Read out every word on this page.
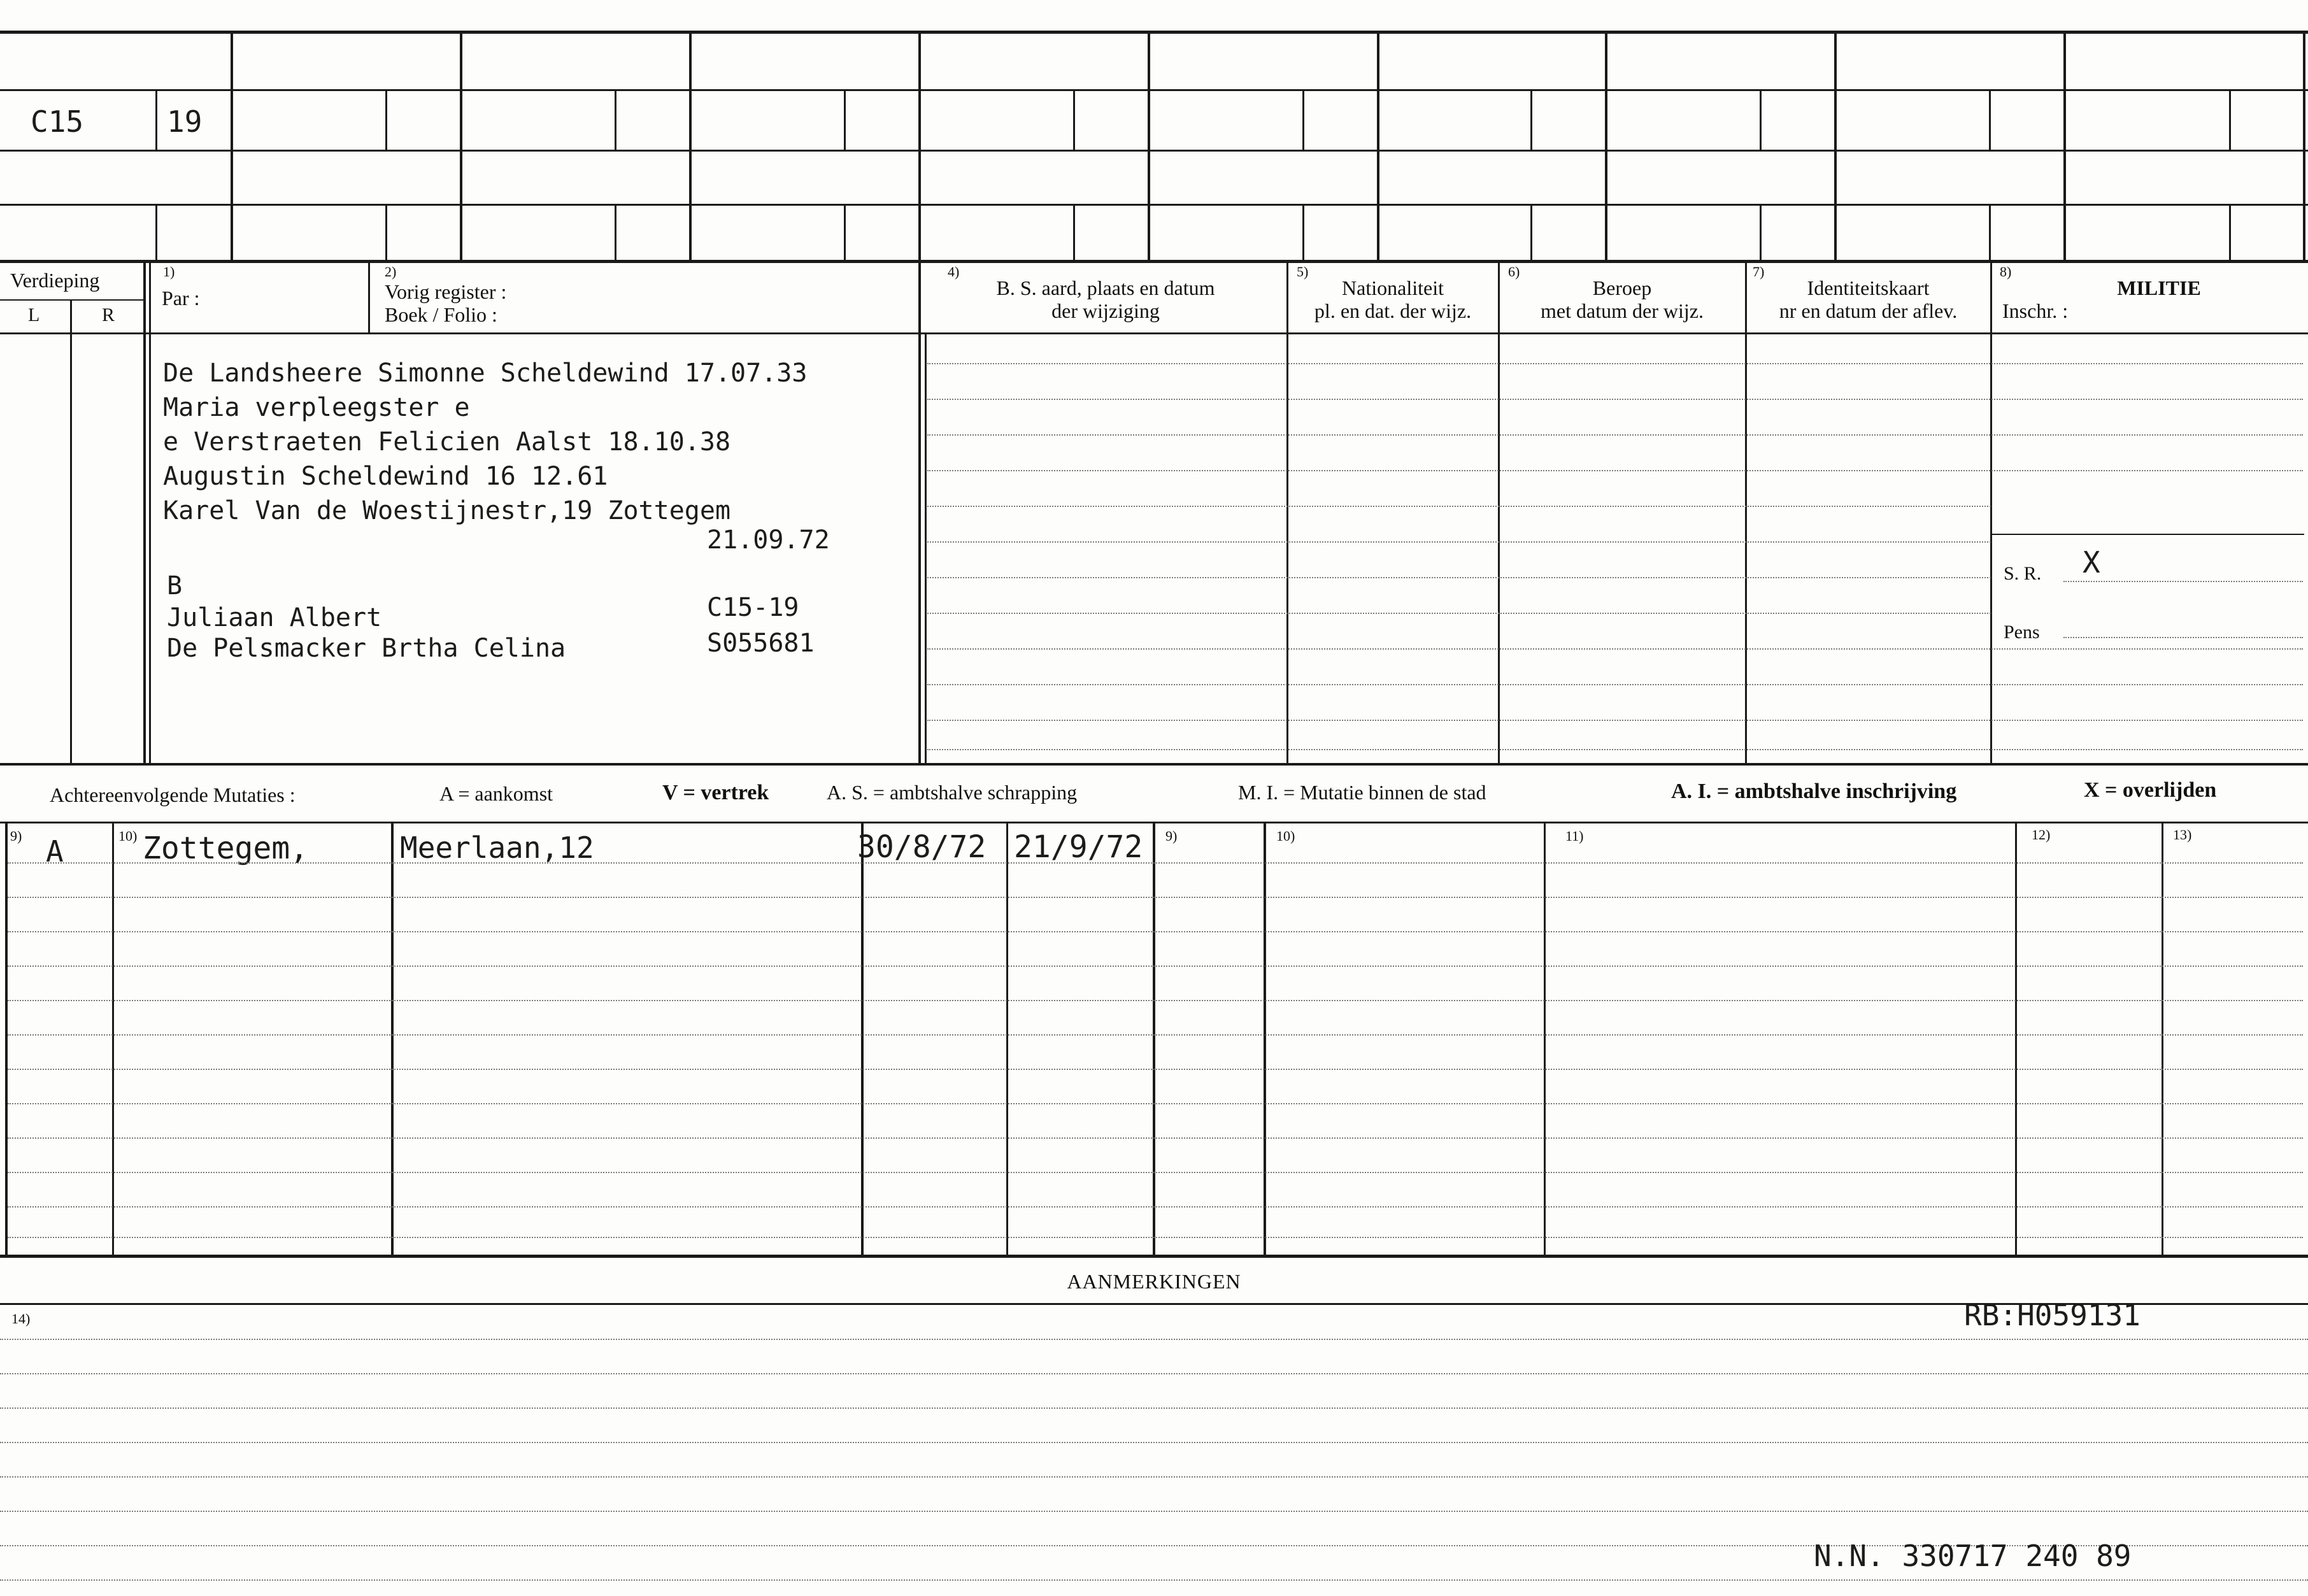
C15	19
Verdieping
L	R
1)
Par :
2)
Vorig register :
Boek / Folio :
4)
B. S. aard, plaats en datum
der wijziging
5)
Nationaliteit
pl. en dat. der wijz.
6)
Beroep
met datum der wijz.
7)
Identiteitskaart
nr en datum der aflev.
8)
MILITIE
Inschr. :
De Landsheere Simonne Scheldewind 17.07.33
Maria verpleegster e
e Verstraeten Felicien Aalst 18.10.38
Augustin Scheldewind 16 12.61
Karel Van de Woestijnestr,19 Zottegem
21.09.72
B
Juliaan Albert	C15-19
De Pelsmacker Brtha Celina	S055681
S. R. X
Pens
Achtereenvolgende Mutaties :	A = aankomst	V = vertrek	A. S. = ambtshalve schrapping	M. I. = Mutatie binnen de stad	A. I. = ambtshalve inschrijving	X = overlijden
9)	10)	9)	10)	11)	12)	13)
A	Zottegem,	Meerlaan,12	30/8/72 21/9/72
AANMERKINGEN
14)	RB:H059131
N.N. 330717 240 89
